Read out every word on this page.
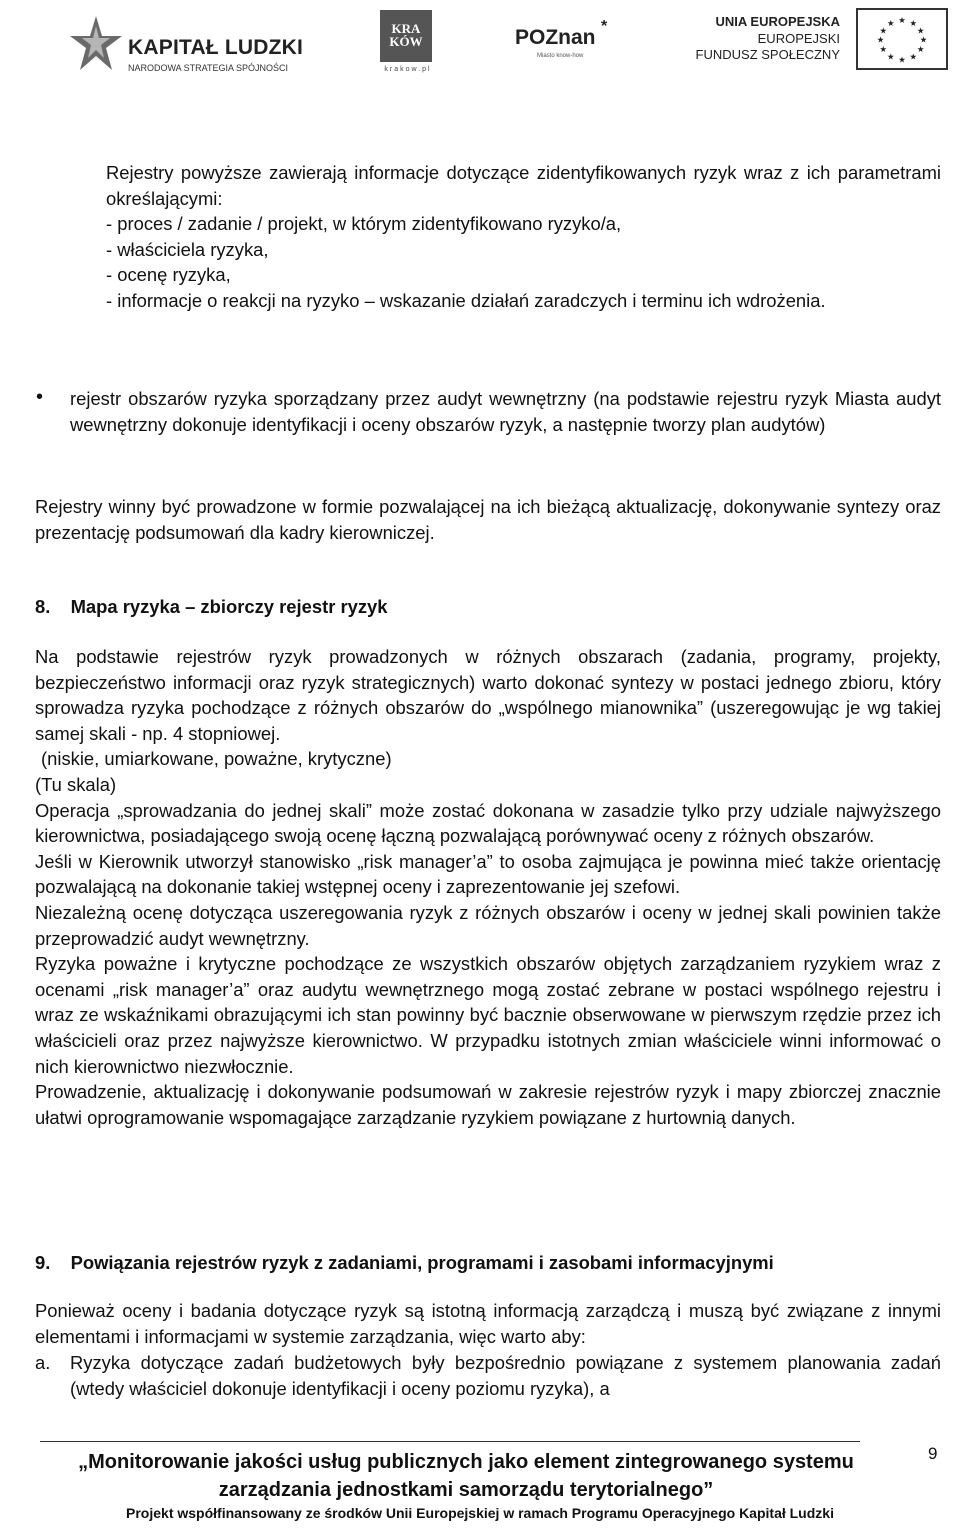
KAPITAŁ LUDZKI
NARODOWA STRATEGIA SPÓJNOŚCI
KRA
KÓW
krakow.pl
POZnan *
Miasto know-how
UNIA EUROPEJSKA
EUROPEJSKI
FUNDUSZ SPOŁECZNY
★ ★
★
★
★
★
★
★
★
★
★
★

Rejestry powyższe zawierają informacje dotyczące zidentyfikowanych ryzyk wraz z ich parametrami określającymi:

- proces / zadanie / projekt, w którym zidentyfikowano ryzyko/a,

- właściciela ryzyka,

- ocenę ryzyka,

- informacje o reakcji na ryzyko – wskazanie działań zaradczych i terminu ich wdrożenia.

• rejestr obszarów ryzyka sporządzany przez audyt wewnętrzny (na podstawie rejestru ryzyk Miasta audyt wewnętrzny dokonuje identyfikacji i oceny obszarów ryzyk, a następnie tworzy plan audytów)

Rejestry winny być prowadzone w formie pozwalającej na ich bieżącą aktualizację, dokonywanie syntezy oraz prezentację podsumowań dla kadry kierowniczej.

8. Mapa ryzyka – zbiorczy rejestr ryzyk

Na podstawie rejestrów ryzyk prowadzonych w różnych obszarach (zadania, programy, projekty, bezpieczeństwo informacji oraz ryzyk strategicznych) warto dokonać syntezy w postaci jednego zbioru, który sprowadza ryzyka pochodzące z różnych obszarów do „wspólnego mianownika” (uszeregowując je wg takiej samej skali - np. 4 stopniowej.

(niskie, umiarkowane, poważne, krytyczne)

(Tu skala)

Operacja „sprowadzania do jednej skali” może zostać dokonana w zasadzie tylko przy udziale najwyższego kierownictwa, posiadającego swoją ocenę łączną pozwalającą porównywać oceny z różnych obszarów.

Jeśli w Kierownik utworzył stanowisko „risk manager’a” to osoba zajmująca je powinna mieć także orientację pozwalającą na dokonanie takiej wstępnej oceny i zaprezentowanie jej szefowi.

Niezależną ocenę dotycząca uszeregowania ryzyk z różnych obszarów i oceny w jednej skali powinien także przeprowadzić audyt wewnętrzny.

Ryzyka poważne i krytyczne pochodzące ze wszystkich obszarów objętych zarządzaniem ryzykiem wraz z ocenami „risk manager’a” oraz audytu wewnętrznego mogą zostać zebrane w postaci wspólnego rejestru i wraz ze wskaźnikami obrazującymi ich stan powinny być bacznie obserwowane w pierwszym rzędzie przez ich właścicieli oraz przez najwyższe kierownictwo. W przypadku istotnych zmian właściciele winni informować o nich kierownictwo niezwłocznie.

Prowadzenie, aktualizację i dokonywanie podsumowań w zakresie rejestrów ryzyk i mapy zbiorczej znacznie ułatwi oprogramowanie wspomagające zarządzanie ryzykiem powiązane z hurtownią danych.

9. Powiązania rejestrów ryzyk z zadaniami, programami i zasobami informacyjnymi

Ponieważ oceny i badania dotyczące ryzyk są istotną informacją zarządczą i muszą być związane z innymi elementami i informacjami w systemie zarządzania, więc warto aby:

a.	Ryzyka dotyczące zadań budżetowych były bezpośrednio powiązane z systemem planowania zadań (wtedy właściciel dokonuje identyfikacji i oceny poziomu ryzyka), a

„Monitorowanie jakości usług publicznych jako element zintegrowanego systemu
zarządzania jednostkami samorządu terytorialnego”
9
Projekt współfinansowany ze środków Unii Europejskiej w ramach Programu Operacyjnego Kapitał Ludzki
